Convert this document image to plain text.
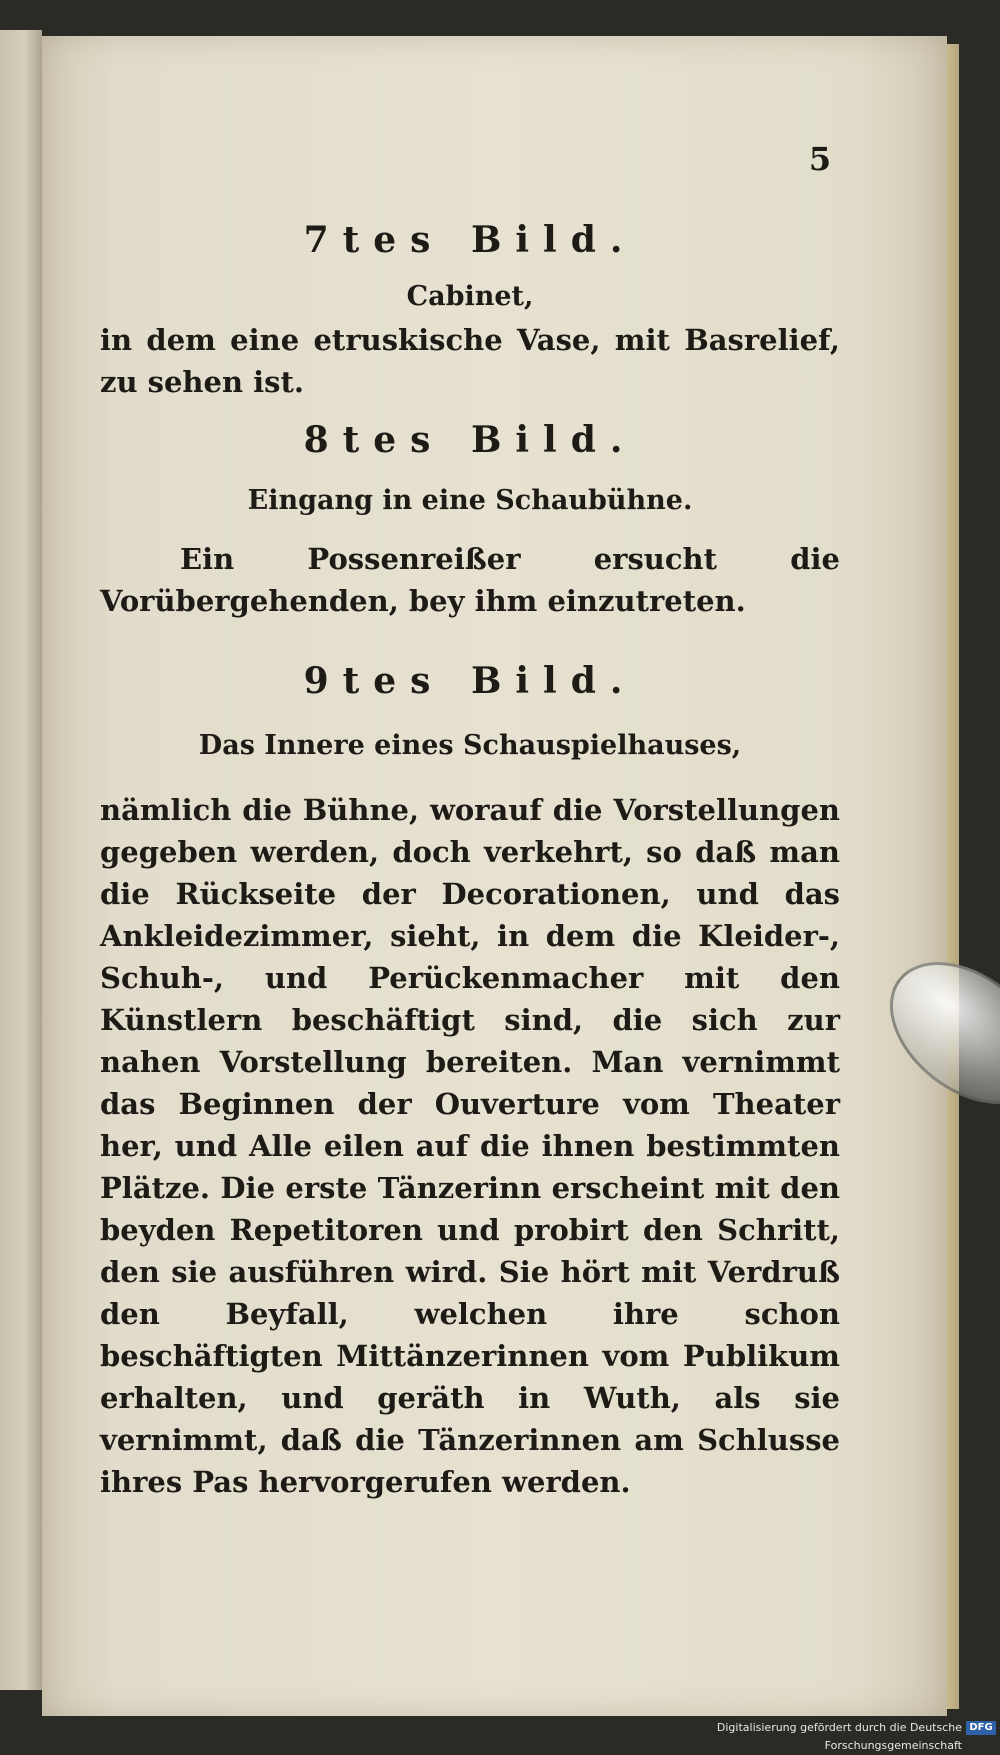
5
7tes Bild.
Cabinet,

in dem eine etruskische Vase, mit Basrelief, zu sehen ist.

8tes Bild.
Eingang in eine Schaubühne.

Ein Possenreißer ersucht die Vorübergehenden, bey ihm einzutreten.

9tes Bild.
Das Innere eines Schauspielhauses,

nämlich die Bühne, worauf die Vorstellungen gegeben werden, doch verkehrt, so daß man die Rückseite der Decorationen, und das Ankleidezimmer, sieht, in dem die Kleider-, Schuh-, und Perückenmacher mit den Künstlern beschäftigt sind, die sich zur nahen Vorstellung bereiten. Man vernimmt das Beginnen der Ouverture vom Theater her, und Alle eilen auf die ihnen bestimmten Plätze. Die erste Tänzerinn erscheint mit den beyden Repetitoren und probirt den Schritt, den sie ausführen wird. Sie hört mit Verdruß den Beyfall, welchen ihre schon beschäftigten Mittänzerinnen vom Publikum erhalten, und geräth in Wuth, als sie vernimmt, daß die Tänzerinnen am Schlusse ihres Pas hervorgerufen werden.

Digitalisierung gefördert durch die Deutsche Forschungsgemeinschaft
DFG
